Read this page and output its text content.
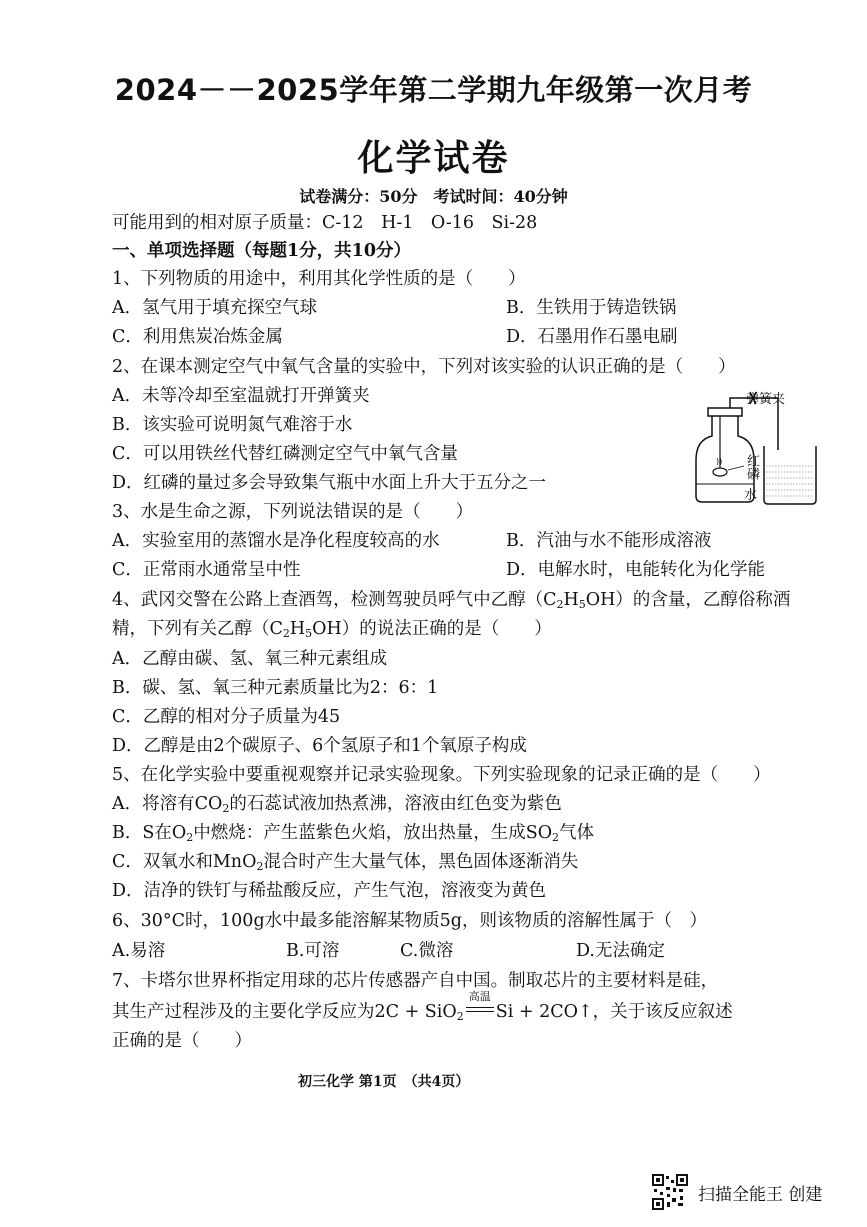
2024－－2025学年第二学期九年级第一次月考
化学试卷
试卷满分：50分　考试时间：40分钟
可能用到的相对原子质量：C-12　H-1　O-16　Si-28
一、单项选择题（每题1分，共10分）
1、下列物质的用途中，利用其化学性质的是（　　）
A．氢气用于填充探空气球	B．生铁用于铸造铁锅
C．利用焦炭冶炼金属	D．石墨用作石墨电刷
2、在课本测定空气中氧气含量的实验中，下列对该实验的认识正确的是（　　）
A．未等冷却至室温就打开弹簧夹
B．该实验可说明氮气难溶于水
C．可以用铁丝代替红磷测定空气中氧气含量
D．红磷的量过多会导致集气瓶中水面上升大于五分之一
))
弹簧夹
红磷
水
3、水是生命之源，下列说法错误的是（　　）
A．实验室用的蒸馏水是净化程度较高的水	B．汽油与水不能形成溶液
C．正常雨水通常呈中性	D．电解水时，电能转化为化学能
4、武冈交警在公路上查酒驾，检测驾驶员呼气中乙醇$(C_2H_5OH)$的含量，乙醇俗称酒
精，下列有关乙醇$(C_2H_5OH)$的说法正确的是（　　）
A．乙醇由碳、氢、氧三种元素组成
B．碳、氢、氧三种元素质量比为2：6：1
C．乙醇的相对分子质量为45
D．乙醇是由2个碳原子、6个氢原子和1个氧原子构成
5、在化学实验中要重视观察并记录实验现象。下列实验现象的记录正确的是（　　）
A．将溶有$CO_2$的石蕊试液加热煮沸，溶液由红色变为紫色
B．S在$O_2$中燃烧：产生蓝紫色火焰，放出热量，生成$SO_2$气体
C．双氧水和MnO$_2$混合时产生大量气体，黑色固体逐渐消失
D．洁净的铁钉与稀盐酸反应，产生气泡，溶液变为黄色
6、30°C时，100g水中最多能溶解某物质5g，则该物质的溶解性属于（　）
A.易溶	B.可溶	C.微溶	D.无法确定
7、卡塔尔世界杯指定用球的芯片传感器产自中国。制取芯片的主要材料是硅，
其生产过程涉及的主要化学反应为2C + SiO$_2$
高温
Si + 2CO↑，关于该反应叙述
正确的是（　　）
初三化学 第1页　（共4页）
扫描全能王 创建
